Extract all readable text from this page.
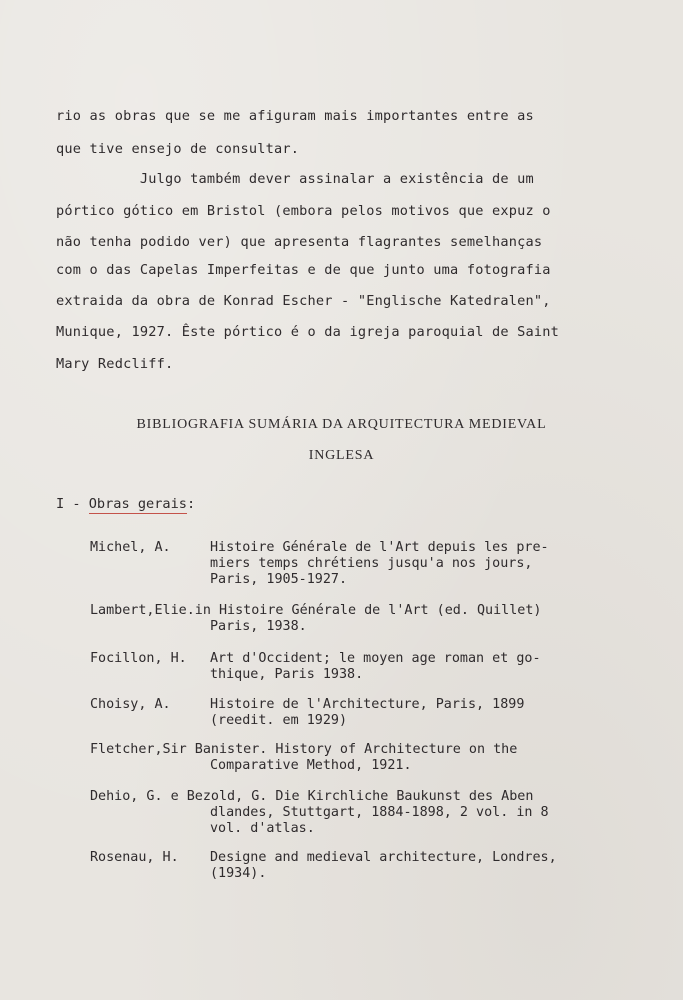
rio as obras que se me afiguram mais importantes entre as
que tive ensejo de consultar.
Julgo também dever assinalar a existência de um
pórtico gótico em Bristol (embora pelos motivos que expuz o
não tenha podido ver) que apresenta flagrantes semelhanças
com o das Capelas Imperfeitas e de que junto uma fotografia
extraida da obra de Konrad Escher - "Englische Katedralen",
Munique, 1927. Êste pórtico é o da igreja paroquial de Saint
Mary Redcliff.
BIBLIOGRAFIA SUMÁRIA DA ARQUITECTURA MEDIEVAL
INGLESA
I - Obras gerais:

Michel, A.

	Histoire Générale de l'Art depuis les pre-

miers temps chrétiens jusqu'a nos jours,

Paris, 1905-1927.

Lambert,Elie.in Histoire Générale de l'Art (ed. Quillet)

Paris, 1938.

Focillon, H.

Art d'Occident; le moyen age roman et go-

thique, Paris 1938.

Choisy, A.

	Histoire de l'Architecture, Paris, 1899

(reedit. em 1929)

Fletcher,Sir Banister. History of Architecture on the

Comparative Method, 1921.

Dehio, G. e Bezold, G. Die Kirchliche Baukunst des Aben

dlandes, Stuttgart, 1884-1898, 2 vol. in 8

vol. d'atlas.

Rosenau, H.

Designe and medieval architecture, Londres,

(1934).
